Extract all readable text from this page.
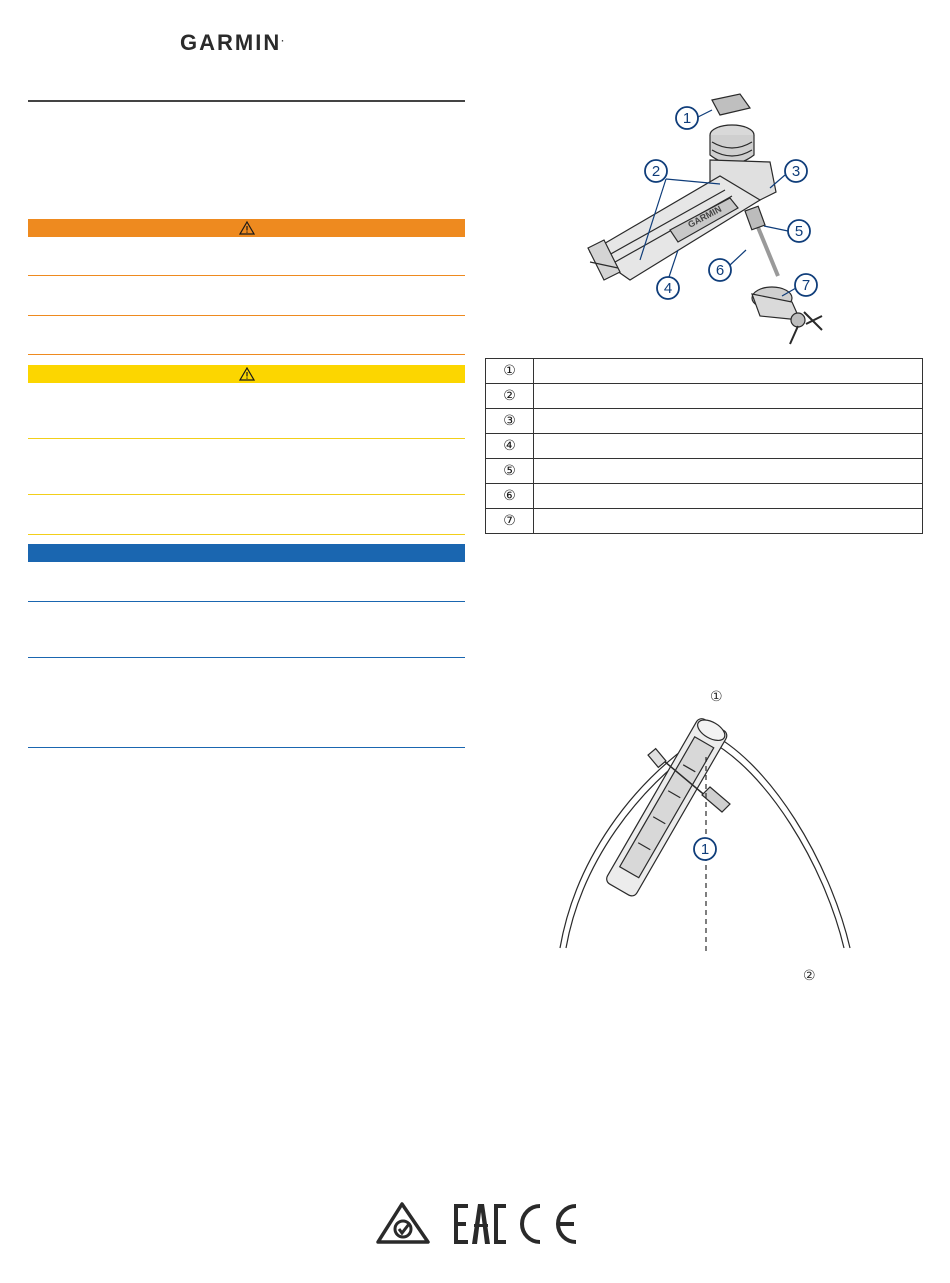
GARMIN.
GARMIN
1
2	3
4
5
6
7
①	
②	
③	
④	
⑤	
⑥	
⑦	
①
②
1
